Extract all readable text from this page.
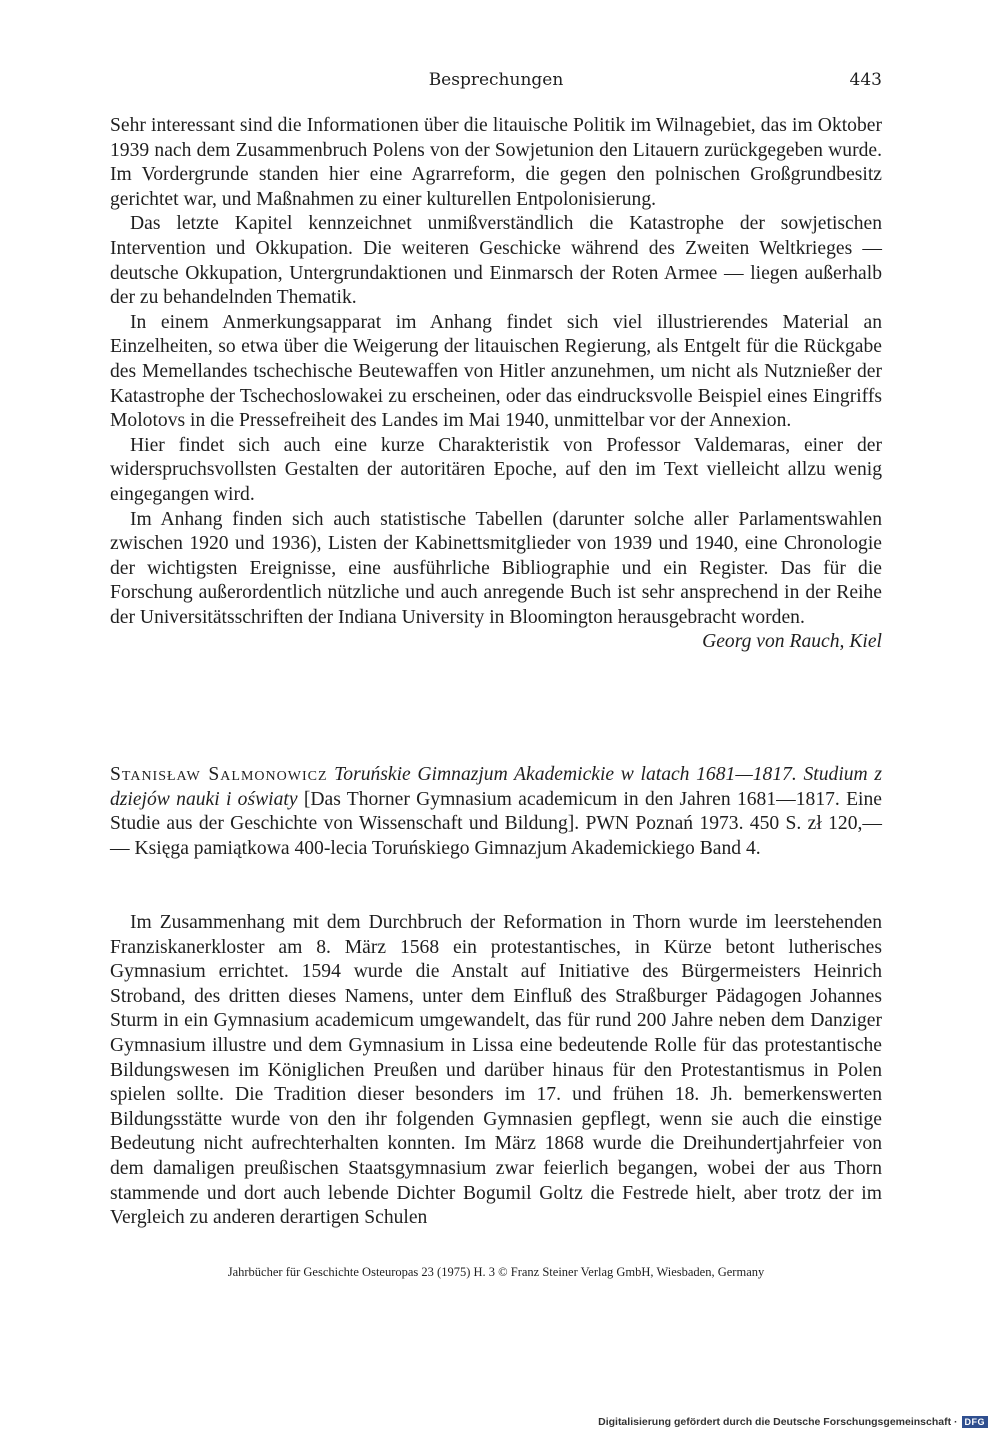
Besprechungen	443

Sehr interessant sind die Informationen über die litauische Politik im Wilnagebiet, das im Oktober 1939 nach dem Zusammenbruch Polens von der Sowjetunion den Litauern zurückgegeben wurde. Im Vordergrunde standen hier eine Agrarreform, die gegen den polnischen Großgrundbesitz gerichtet war, und Maßnahmen zu einer kulturellen Entpolonisierung.

Das letzte Kapitel kennzeichnet unmißverständlich die Katastrophe der sowjetischen Intervention und Okkupation. Die weiteren Geschicke während des Zweiten Weltkrieges — deutsche Okkupation, Untergrundaktionen und Einmarsch der Roten Armee — liegen außerhalb der zu behandelnden Thematik.

In einem Anmerkungsapparat im Anhang findet sich viel illustrierendes Material an Einzelheiten, so etwa über die Weigerung der litauischen Regierung, als Entgelt für die Rückgabe des Memellandes tschechische Beutewaffen von Hitler anzunehmen, um nicht als Nutznießer der Katastrophe der Tschechoslowakei zu erscheinen, oder das eindrucksvolle Beispiel eines Eingriffs Molotovs in die Pressefreiheit des Landes im Mai 1940, unmittelbar vor der Annexion.

Hier findet sich auch eine kurze Charakteristik von Professor Valdemaras, einer der widerspruchsvollsten Gestalten der autoritären Epoche, auf den im Text vielleicht allzu wenig eingegangen wird.

Im Anhang finden sich auch statistische Tabellen (darunter solche aller Parlamentswahlen zwischen 1920 und 1936), Listen der Kabinettsmitglieder von 1939 und 1940, eine Chronologie der wichtigsten Ereignisse, eine ausführliche Bibliographie und ein Register. Das für die Forschung außerordentlich nützliche und auch anregende Buch ist sehr ansprechend in der Reihe der Universitätsschriften der Indiana University in Bloomington herausgebracht worden.

Georg von Rauch, Kiel

Stanisław Salmonowicz Toruńskie Gimnazjum Akademickie w latach 1681—1817. Studium z dziejów nauki i oświaty [Das Thorner Gymnasium academicum in den Jahren 1681—1817. Eine Studie aus der Geschichte von Wissenschaft und Bildung]. PWN Poznań 1973. 450 S. zł 120,— — Księga pamiątkowa 400-lecia Toruńskiego Gimnazjum Akademickiego Band 4.

Im Zusammenhang mit dem Durchbruch der Reformation in Thorn wurde im leerstehenden Franziskanerkloster am 8. März 1568 ein protestantisches, in Kürze betont lutherisches Gymnasium errichtet. 1594 wurde die Anstalt auf Initiative des Bürgermeisters Heinrich Stroband, des dritten dieses Namens, unter dem Einfluß des Straßburger Pädagogen Johannes Sturm in ein Gymnasium academicum umgewandelt, das für rund 200 Jahre neben dem Danziger Gymnasium illustre und dem Gymnasium in Lissa eine bedeutende Rolle für das protestantische Bildungswesen im Königlichen Preußen und darüber hinaus für den Protestantismus in Polen spielen sollte. Die Tradition dieser besonders im 17. und frühen 18. Jh. bemerkenswerten Bildungsstätte wurde von den ihr folgenden Gymnasien gepflegt, wenn sie auch die einstige Bedeutung nicht aufrechterhalten konnten. Im März 1868 wurde die Dreihundertjahrfeier von dem damaligen preußischen Staatsgymnasium zwar feierlich begangen, wobei der aus Thorn stammende und dort auch lebende Dichter Bogumil Goltz die Festrede hielt, aber trotz der im Vergleich zu anderen derartigen Schulen

Jahrbücher für Geschichte Osteuropas 23 (1975) H. 3 © Franz Steiner Verlag GmbH, Wiesbaden, Germany
Digitalisierung gefördert durch die Deutsche Forschungsgemeinschaft · DFG
